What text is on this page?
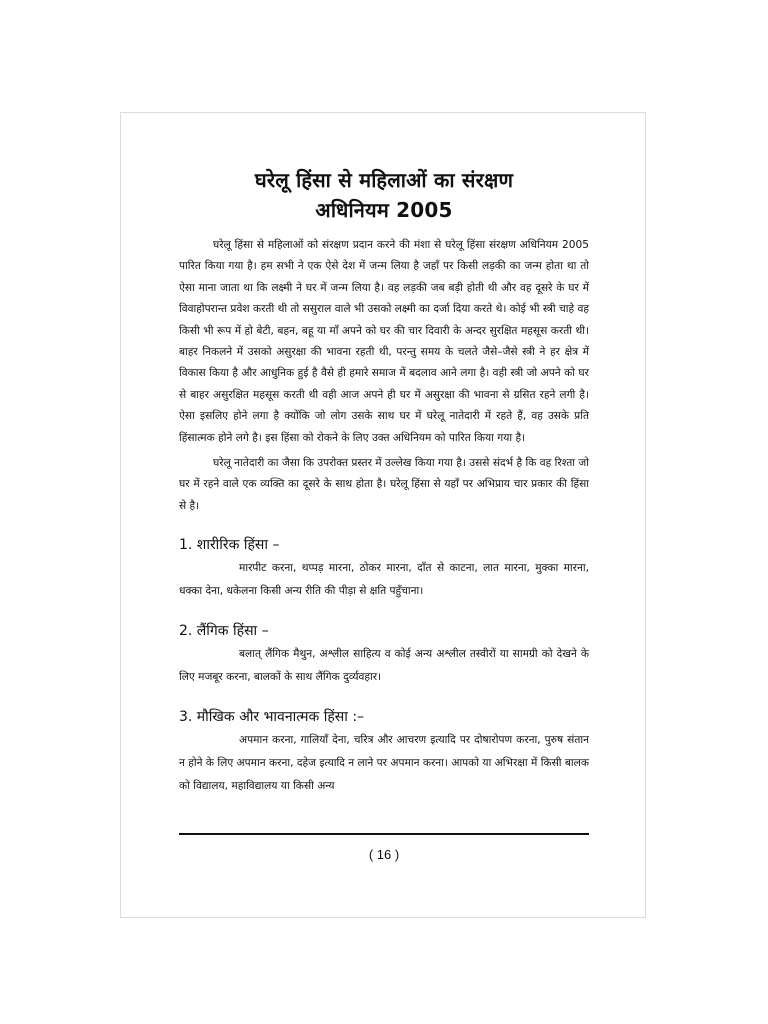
घरेलू हिंसा से महिलाओं का संरक्षण
अधिनियम 2005

घरेलू हिंसा से महिलाओं को संरक्षण प्रदान करने की मंशा से घरेलू हिंसा संरक्षण अधिनियम 2005 पारित किया गया है। हम सभी ने एक ऐसे देश में जन्म लिया है जहाँ पर किसी लड़की का जन्म होता था तो ऐसा माना जाता था कि लक्ष्मी ने घर में जन्म लिया है। वह लड़की जब बड़ी होती थी और वह दूसरे के घर में विवाहोपरान्त प्रवेश करती थी तो ससुराल वाले भी उसको लक्ष्मी का दर्जा दिया करते थे। कोई भी स्त्री चाहे वह किसी भी रूप में हो बेटी, बहन, बहू या माँ अपने को घर की चार दिवारी के अन्दर सुरक्षित महसूस करती थी। बाहर निकलने में उसको असुरक्षा की भावना रहती थी, परन्तु समय के चलते जैसे–जैसे स्त्री ने हर क्षेत्र में विकास किया है और आधुनिक हुई है वैसे ही हमारे समाज में बदलाव आने लगा है। वही स्त्री जो अपने को घर से बाहर असुरक्षित महसूस करती थी वही आज अपने ही घर में असुरक्षा की भावना से ग्रसित रहने लगी है। ऐसा इसलिए होने लगा है क्योंकि जो लोग उसके साथ घर में घरेलू नातेदारी में रहते हैं, वह उसके प्रति हिंसात्मक होने लगे है। इस हिंसा को रोकने के लिए उक्त अधिनियम को पारित किया गया है।

घरेलू नातेदारी का जैसा कि उपरोक्त प्रस्तर में उल्लेख किया गया है। उससे संदर्भ है कि वह रिश्ता जो घर में रहने वाले एक व्यक्ति का दूसरे के साथ होता है। घरेलू हिंसा से यहाँ पर अभिप्राय चार प्रकार की हिंसा से है।

1. शारीरिक हिंसा –

मारपीट करना, थप्पड़ मारना, ठोकर मारना, दाँत से काटना, लात मारना, मुक्का मारना, धक्का देना, धकेलना किसी अन्य रीति की पीड़ा से क्षति पहुँचाना।

2. लैंगिक हिंसा –

बलात् लैंगिक मैथुन, अश्लील साहित्य व कोई अन्य अश्लील तस्वीरों या सामग्री को देखने के लिए मजबूर करना, बालकों के साथ लैंगिक दुर्व्यवहार।

3. मौखिक और भावनात्मक हिंसा :–

अपमान करना, गालियाँ देना, चरित्र और आचरण इत्यादि पर दोषारोपण करना, पुरुष संतान न होने के लिए अपमान करना, दहेज इत्यादि न लाने पर अपमान करना। आपको या अभिरक्षा में किसी बालक को विद्यालय, महाविद्यालय या किसी अन्य

( 16 )
